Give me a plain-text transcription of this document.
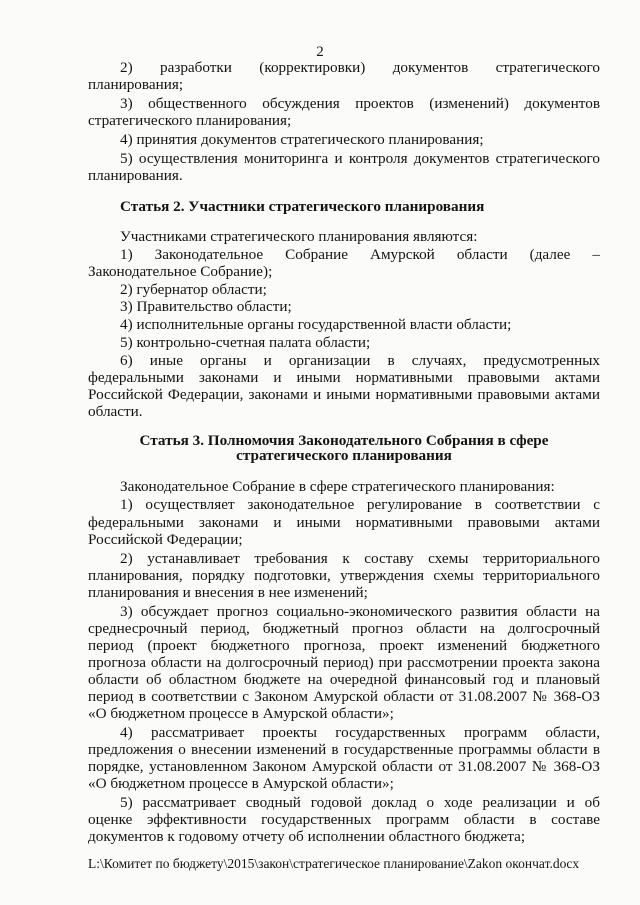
2
2) разработки (корректировки) документов стратегического
планирования;
3) общественного обсуждения проектов (изменений) документов
стратегического планирования;
4) принятия документов стратегического планирования;
5) осуществления мониторинга и контроля документов стратегического
планирования.
Статья 2. Участники стратегического планирования
Участниками стратегического планирования являются:
1) Законодательное Собрание Амурской области (далее –
Законодательное Собрание);
2) губернатор области;
3) Правительство области;
4) исполнительные органы государственной власти области;
5) контрольно-счетная палата области;
6) иные органы и организации в случаях, предусмотренных
федеральными законами и иными нормативными правовыми актами
Российской Федерации, законами и иными нормативными правовыми актами
области.
Статья 3. Полномочия Законодательного Собрания в сфере
стратегического планирования
Законодательное Собрание в сфере стратегического планирования:
1) осуществляет законодательное регулирование в соответствии с
федеральными законами и иными нормативными правовыми актами
Российской Федерации;
2) устанавливает требования к составу схемы территориального
планирования, порядку подготовки, утверждения схемы территориального
планирования и внесения в нее изменений;
3) обсуждает прогноз социально-экономического развития области на
среднесрочный период, бюджетный прогноз области на долгосрочный
период (проект бюджетного прогноза, проект изменений бюджетного
прогноза области на долгосрочный период) при рассмотрении проекта закона
области об областном бюджете на очередной финансовый год и плановый
период в соответствии с Законом Амурской области от 31.08.2007 № 368-ОЗ
«О бюджетном процессе в Амурской области»;
4) рассматривает проекты государственных программ области,
предложения о внесении изменений в государственные программы области в
порядке, установленном Законом Амурской области от 31.08.2007 № 368-ОЗ
«О бюджетном процессе в Амурской области»;
5) рассматривает сводный годовой доклад о ходе реализации и об
оценке эффективности государственных программ области в составе
документов к годовому отчету об исполнении областного бюджета;
L:\Комитет по бюджету\2015\закон\стратегическое планирование\Zakon окончат.docx
